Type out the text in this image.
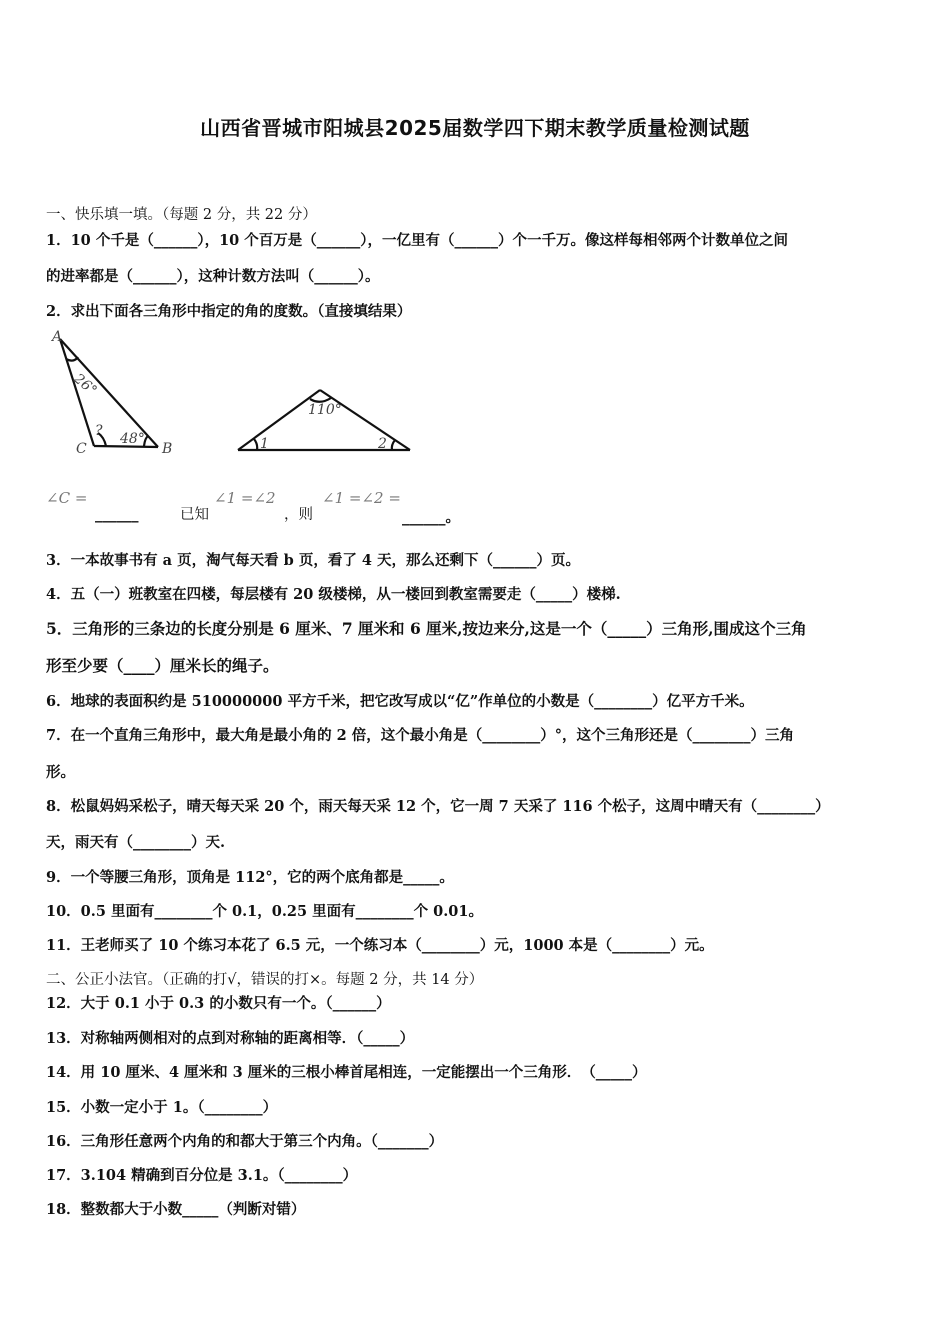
山西省晋城市阳城县2025届数学四下期末教学质量检测试题
一、快乐填一填。（每题 2 分，共 22 分）
1．10 个千是（______），10 个百万是（______），一亿里有（______）个一千万。像这样每相邻两个计数单位之间
的进率都是（______），这种计数方法叫（______）。
2．求出下面各三角形中指定的角的度数。（直接填结果）
A
26°
? 48°
C	B
110°
1	2
∠C =
______	已知
∠1 =∠2
，则
∠1 =∠2 =
______。
3．一本故事书有 a 页，淘气每天看 b 页，看了 4 天，那么还剩下（______）页。
4．五（一）班教室在四楼，每层楼有 20 级楼梯，从一楼回到教室需要走（_____）楼梯.
5．三角形的三条边的长度分别是 6 厘米、7 厘米和 6 厘米,按边来分,这是一个（_____）三角形,围成这个三角
形至少要（____）厘米长的绳子。
6．地球的表面积约是 510000000 平方千米，把它改写成以“亿”作单位的小数是（________）亿平方千米。
7．在一个直角三角形中，最大角是最小角的 2 倍，这个最小角是（________）°，这个三角形还是（________）三角
形。
8．松鼠妈妈采松子，晴天每天采 20 个，雨天每天采 12 个，它一周 7 天采了 116 个松子，这周中晴天有（________）
天，雨天有（________）天.
9．一个等腰三角形，顶角是 112°，它的两个底角都是_____。
10．0.5 里面有________个 0.1，0.25 里面有________个 0.01。
11．王老师买了 10 个练习本花了 6.5 元，一个练习本（________）元，1000 本是（________）元。
二、公正小法官。（正确的打√，错误的打×。每题 2 分，共 14 分）
12．大于 0.1 小于 0.3 的小数只有一个。（______）
13．对称轴两侧相对的点到对称轴的距离相等．（_____）
14．用 10 厘米、4 厘米和 3 厘米的三根小棒首尾相连，一定能摆出一个三角形．　（_____）
15．小数一定小于 1。（________）
16．三角形任意两个内角的和都大于第三个内角。（_______）
17．3.104 精确到百分位是 3.1。（________）
18．整数都大于小数_____（判断对错）
